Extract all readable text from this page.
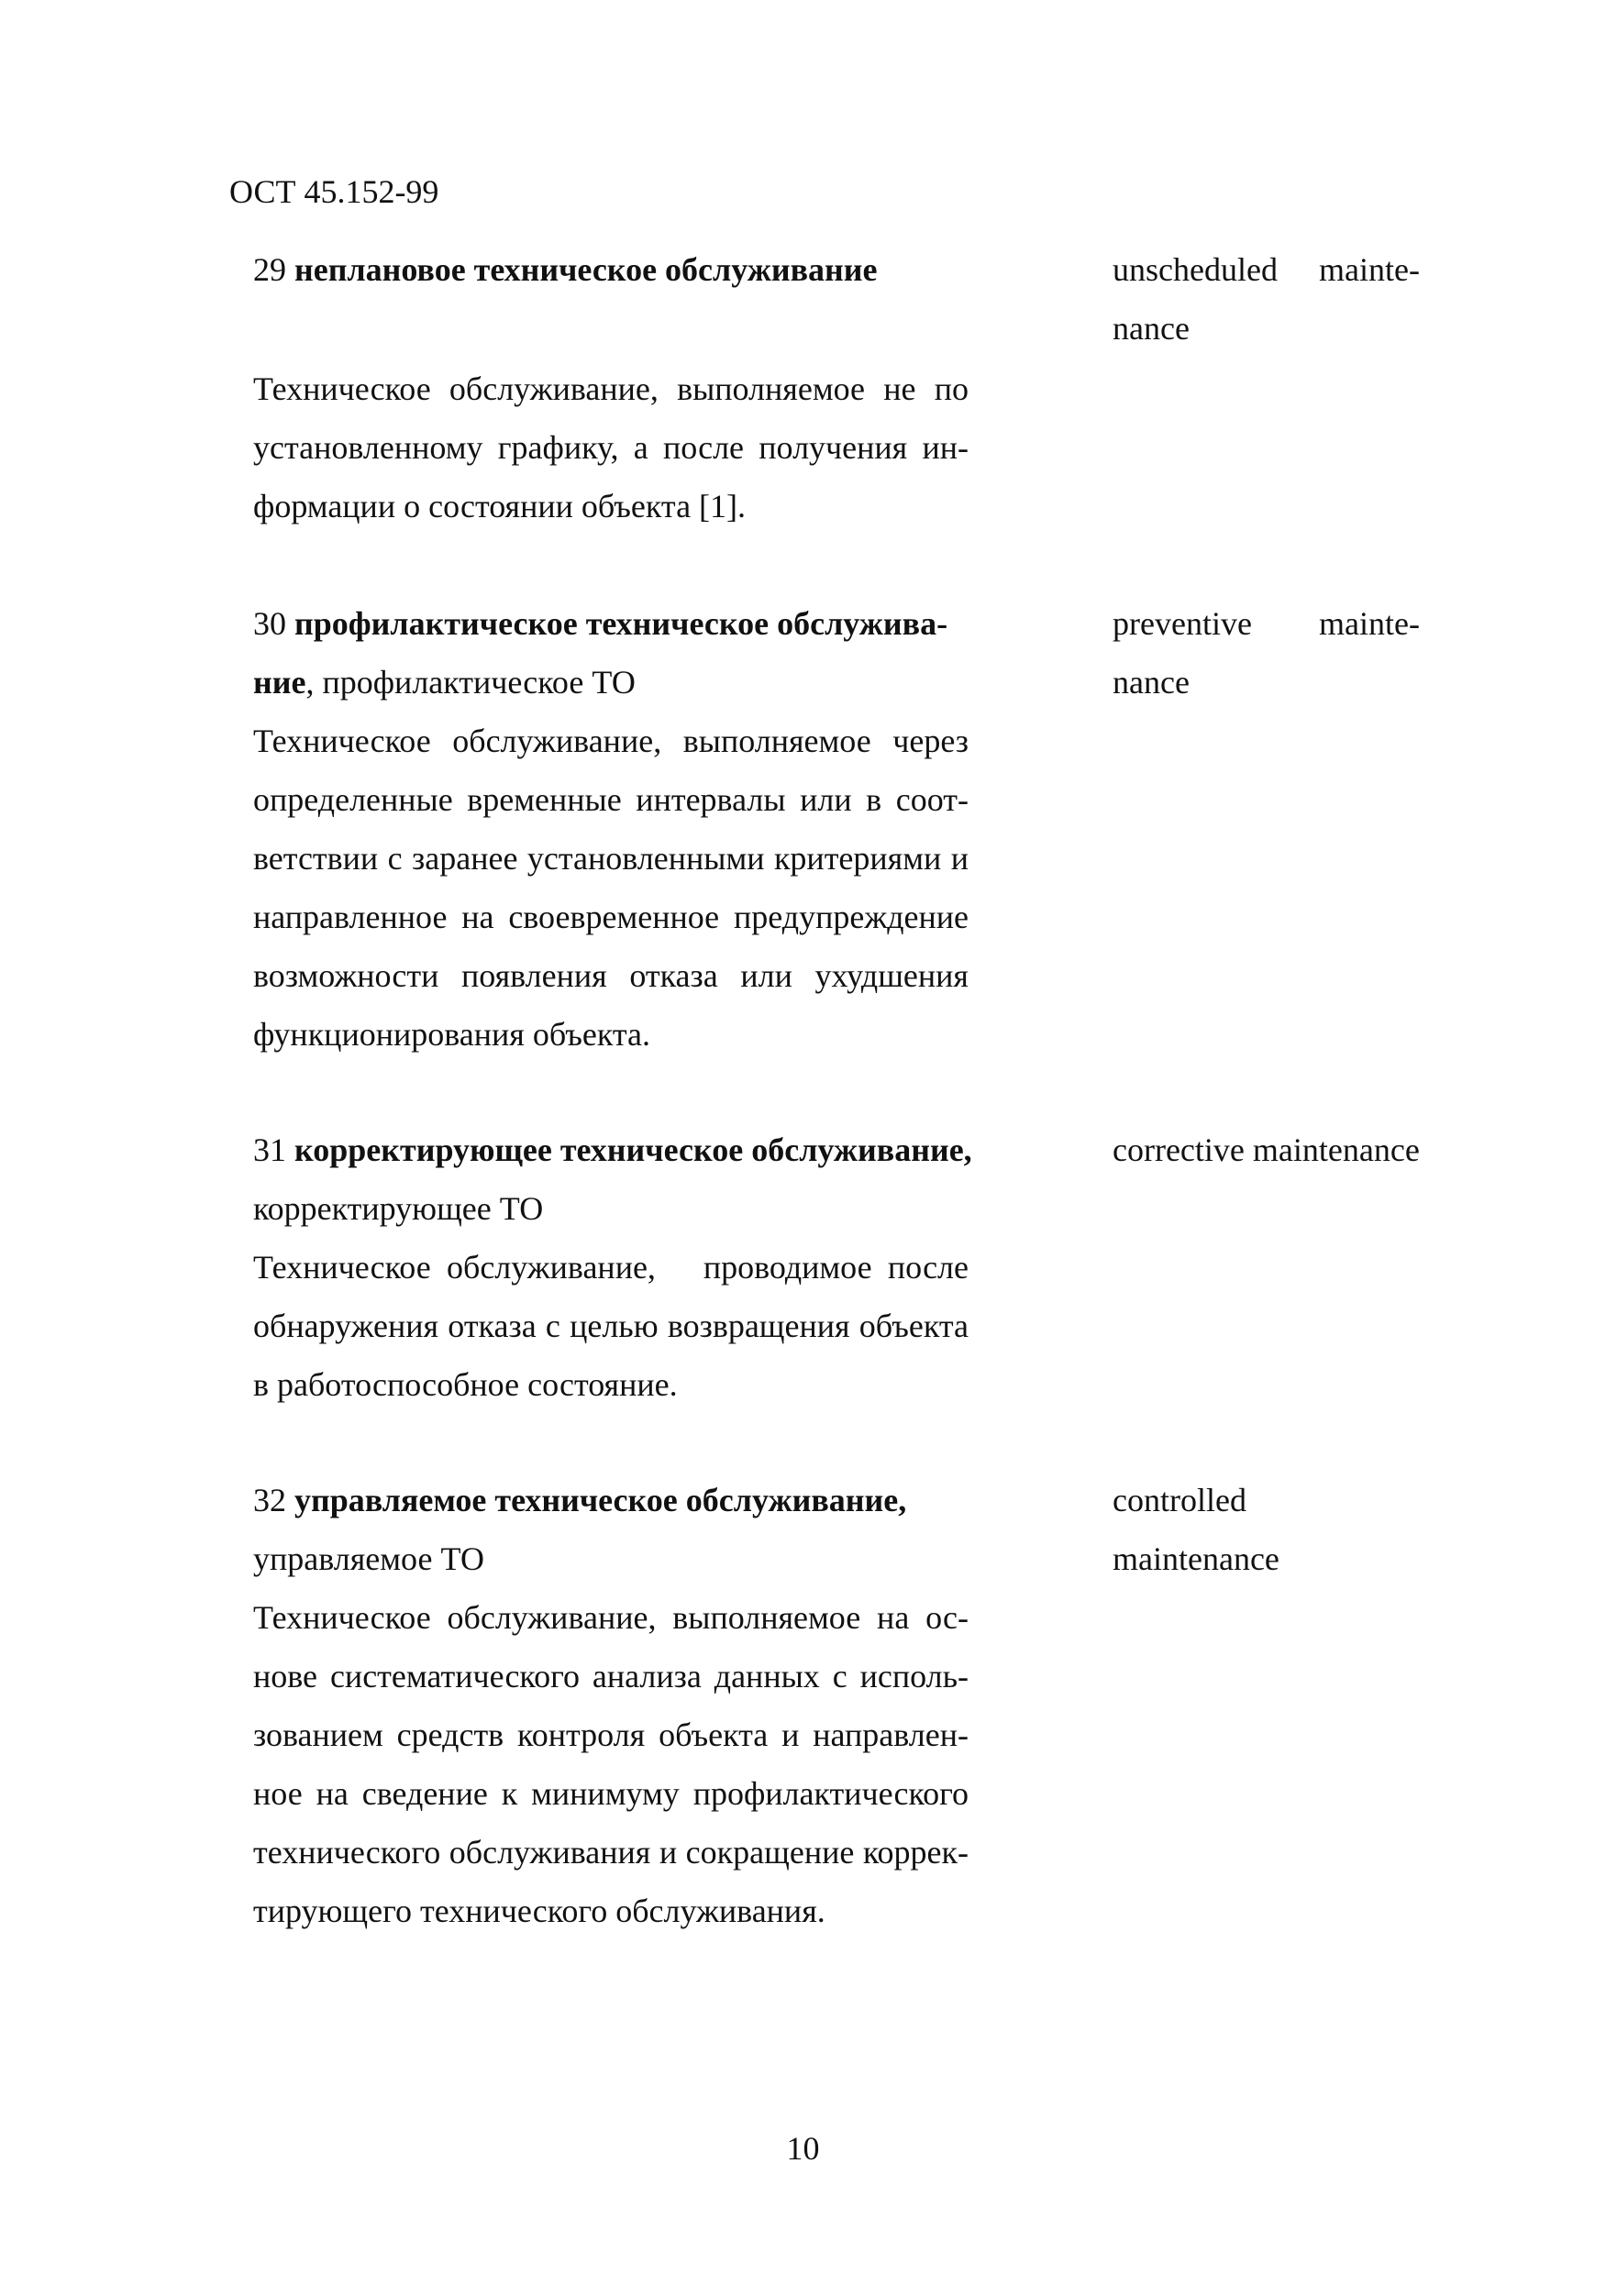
ОСТ 45.152-99
29 неплановое техническое обслуживание
Техническое обслуживание, выполняемое не по
установленному графику, а после получения ин-
формации о состоянии объекта [1].
unscheduled mainte-
nance
30 профилактическое техническое обслужива-
ние, профилактическое ТО
Техническое обслуживание, выполняемое через
определенные временные интервалы или в соот-
ветствии с заранее установленными критериями и
направленное на своевременное предупреждение
возможности появления отказа или ухудшения
функционирования объекта.
preventive mainte-
nance
31 корректирующее техническое обслуживание,
корректирующее ТО
Техническое обслуживание,   проводимое после
обнаружения отказа с целью возвращения объекта
в работоспособное состояние.
corrective maintenance
32 управляемое техническое обслуживание,
управляемое ТО
Техническое обслуживание, выполняемое на ос-
нове систематического анализа данных с исполь-
зованием средств контроля объекта и направлен-
ное на сведение к минимуму профилактического
технического обслуживания и сокращение коррек-
тирующего технического обслуживания.
controlled maintenance
10
